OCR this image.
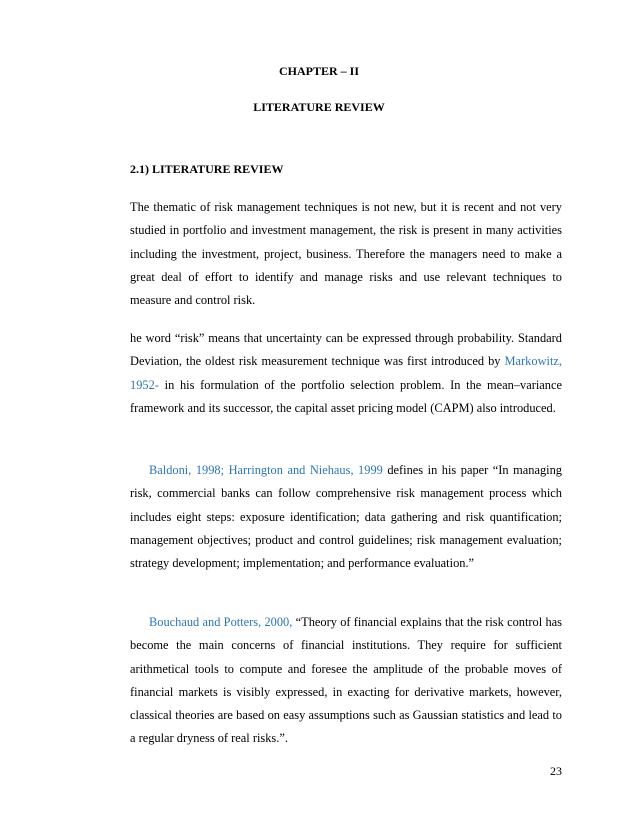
CHAPTER – II

LITERATURE REVIEW

2.1) LITERATURE REVIEW

The thematic of risk management techniques is not new, but it is recent and not very studied in portfolio and investment management, the risk is present in many activities including the investment, project, business. Therefore the managers need to make a great deal of effort to identify and manage risks and use relevant techniques to measure and control risk.

he word “risk” means that uncertainty can be expressed through probability. Standard Deviation, the oldest risk measurement technique was first introduced by Markowitz, 1952- in his formulation of the portfolio selection problem. In the mean–variance framework and its successor, the capital asset pricing model (CAPM) also introduced.

Baldoni, 1998; Harrington and Niehaus, 1999 defines in his paper “In managing risk, commercial banks can follow comprehensive risk management process which includes eight steps: exposure identification; data gathering and risk quantification; management objectives; product and control guidelines; risk management evaluation; strategy development; implementation; and performance evaluation.”

Bouchaud and Potters, 2000, “Theory of financial explains that the risk control has become the main concerns of financial institutions. They require for sufficient arithmetical tools to compute and foresee the amplitude of the probable moves of financial markets is visibly expressed, in exacting for derivative markets, however, classical theories are based on easy assumptions such as Gaussian statistics and lead to a regular dryness of real risks.”.

23
